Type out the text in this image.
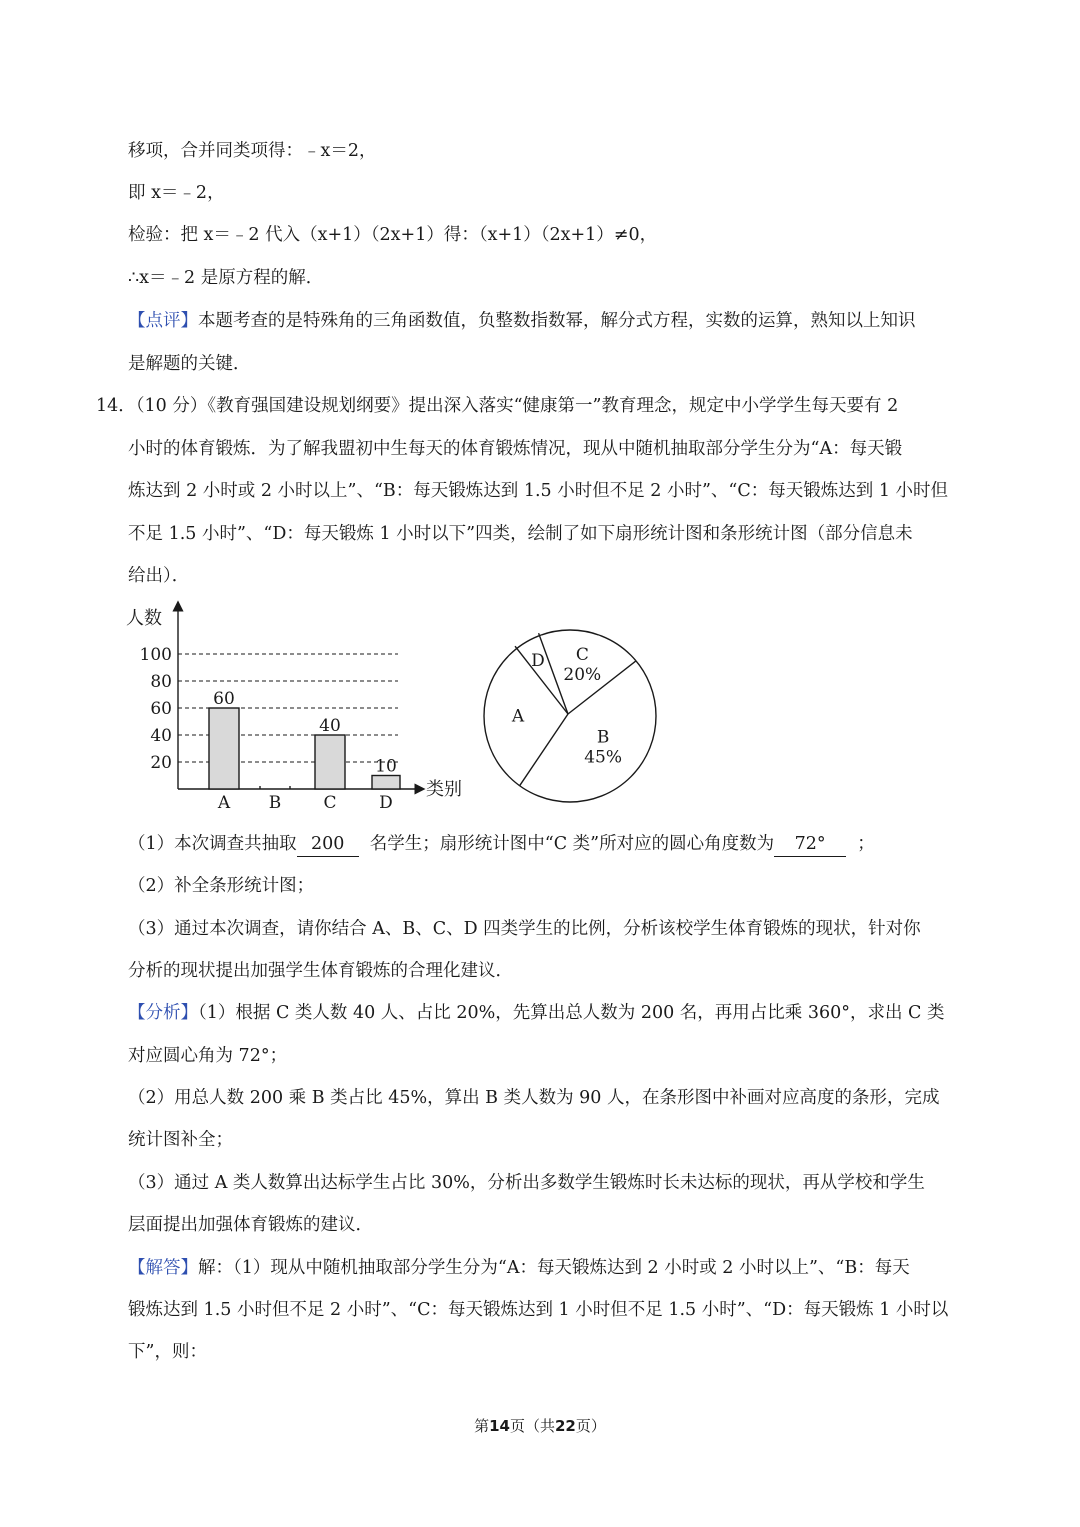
移项，合并同类项得：﹣x＝2，
即 x＝﹣2，
检验：把 x＝﹣2 代入（x+1）（2x+1）得：（x+1）（2x+1）≠0，
∴x＝﹣2 是原方程的解．
【点评】本题考查的是特殊角的三角函数值，负整数指数幂，解分式方程，实数的运算，熟知以上知识
是解题的关键．
14．（10 分）《教育强国建设规划纲要》提出深入落实“健康第一”教育理念，规定中小学学生每天要有 2
小时的体育锻炼．为了解我盟初中生每天的体育锻炼情况，现从中随机抽取部分学生分为“A：每天锻
炼达到 2 小时或 2 小时以上”、“B：每天锻炼达到 1.5 小时但不足 2 小时”、“C：每天锻炼达到 1 小时但
不足 1.5 小时”、“D：每天锻炼 1 小时以下”四类，绘制了如下扇形统计图和条形统计图（部分信息未
给出）．
人数
类别
20
40
60
80
100
A B C	D
60
40
10
C
20%
B
45%
A
D
（1）本次调查共抽取 200 名学生；扇形统计图中“C 类”所对应的圆心角度数为 72° ；
（2）补全条形统计图；
（3）通过本次调查，请你结合 A、B、C、D 四类学生的比例，分析该校学生体育锻炼的现状，针对你
分析的现状提出加强学生体育锻炼的合理化建议．
【分析】（1）根据 C 类人数 40 人、占比 20%，先算出总人数为 200 名，再用占比乘 360°，求出 C 类
对应圆心角为 72°；
（2）用总人数 200 乘 B 类占比 45%，算出 B 类人数为 90 人，在条形图中补画对应高度的条形，完成
统计图补全；
（3）通过 A 类人数算出达标学生占比 30%，分析出多数学生锻炼时长未达标的现状，再从学校和学生
层面提出加强体育锻炼的建议．
【解答】解：（1）现从中随机抽取部分学生分为“A：每天锻炼达到 2 小时或 2 小时以上”、“B：每天
锻炼达到 1.5 小时但不足 2 小时”、“C：每天锻炼达到 1 小时但不足 1.5 小时”、“D：每天锻炼 1 小时以
下”，则：
第14页（共22页）
